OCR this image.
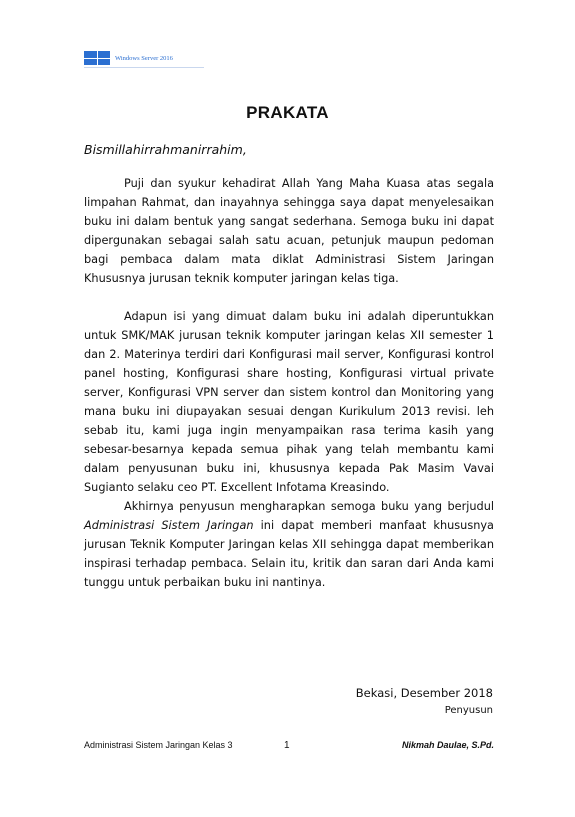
Windows Server 2016
PRAKATA
Bismillahirrahmanirrahim,

Puji dan syukur kehadirat Allah Yang Maha Kuasa atas segala limpahan Rahmat, dan inayahnya sehingga saya dapat menyelesaikan buku ini dalam bentuk yang sangat sederhana. Semoga buku ini dapat dipergunakan sebagai salah satu acuan, petunjuk maupun pedoman bagi pembaca dalam mata diklat Administrasi Sistem Jaringan Khususnya jurusan teknik komputer jaringan kelas tiga.

Adapun isi yang dimuat dalam buku ini adalah diperuntukkan untuk SMK/MAK jurusan teknik komputer jaringan kelas XII semester 1 dan 2. Materinya terdiri dari Konfigurasi mail server, Konfigurasi kontrol panel hosting, Konfigurasi share hosting, Konfigurasi virtual private server, Konfigurasi VPN server dan sistem kontrol dan Monitoring yang mana buku ini diupayakan sesuai dengan Kurikulum 2013 revisi. leh sebab itu, kami juga ingin menyampaikan rasa terima kasih yang sebesar-besarnya kepada semua pihak yang telah membantu kami dalam penyusunan buku ini, khususnya kepada Pak Masim Vavai Sugianto selaku ceo PT. Excellent Infotama Kreasindo.

Akhirnya penyusun mengharapkan semoga buku yang berjudul Administrasi Sistem Jaringan ini dapat memberi manfaat khususnya jurusan Teknik Komputer Jaringan kelas XII sehingga dapat memberikan inspirasi terhadap pembaca. Selain itu, kritik dan saran dari Anda kami tunggu untuk perbaikan buku ini nantinya.

Bekasi, Desember 2018
Penyusun
Administrasi Sistem Jaringan Kelas 3	1	Nikmah Daulae, S.Pd.
